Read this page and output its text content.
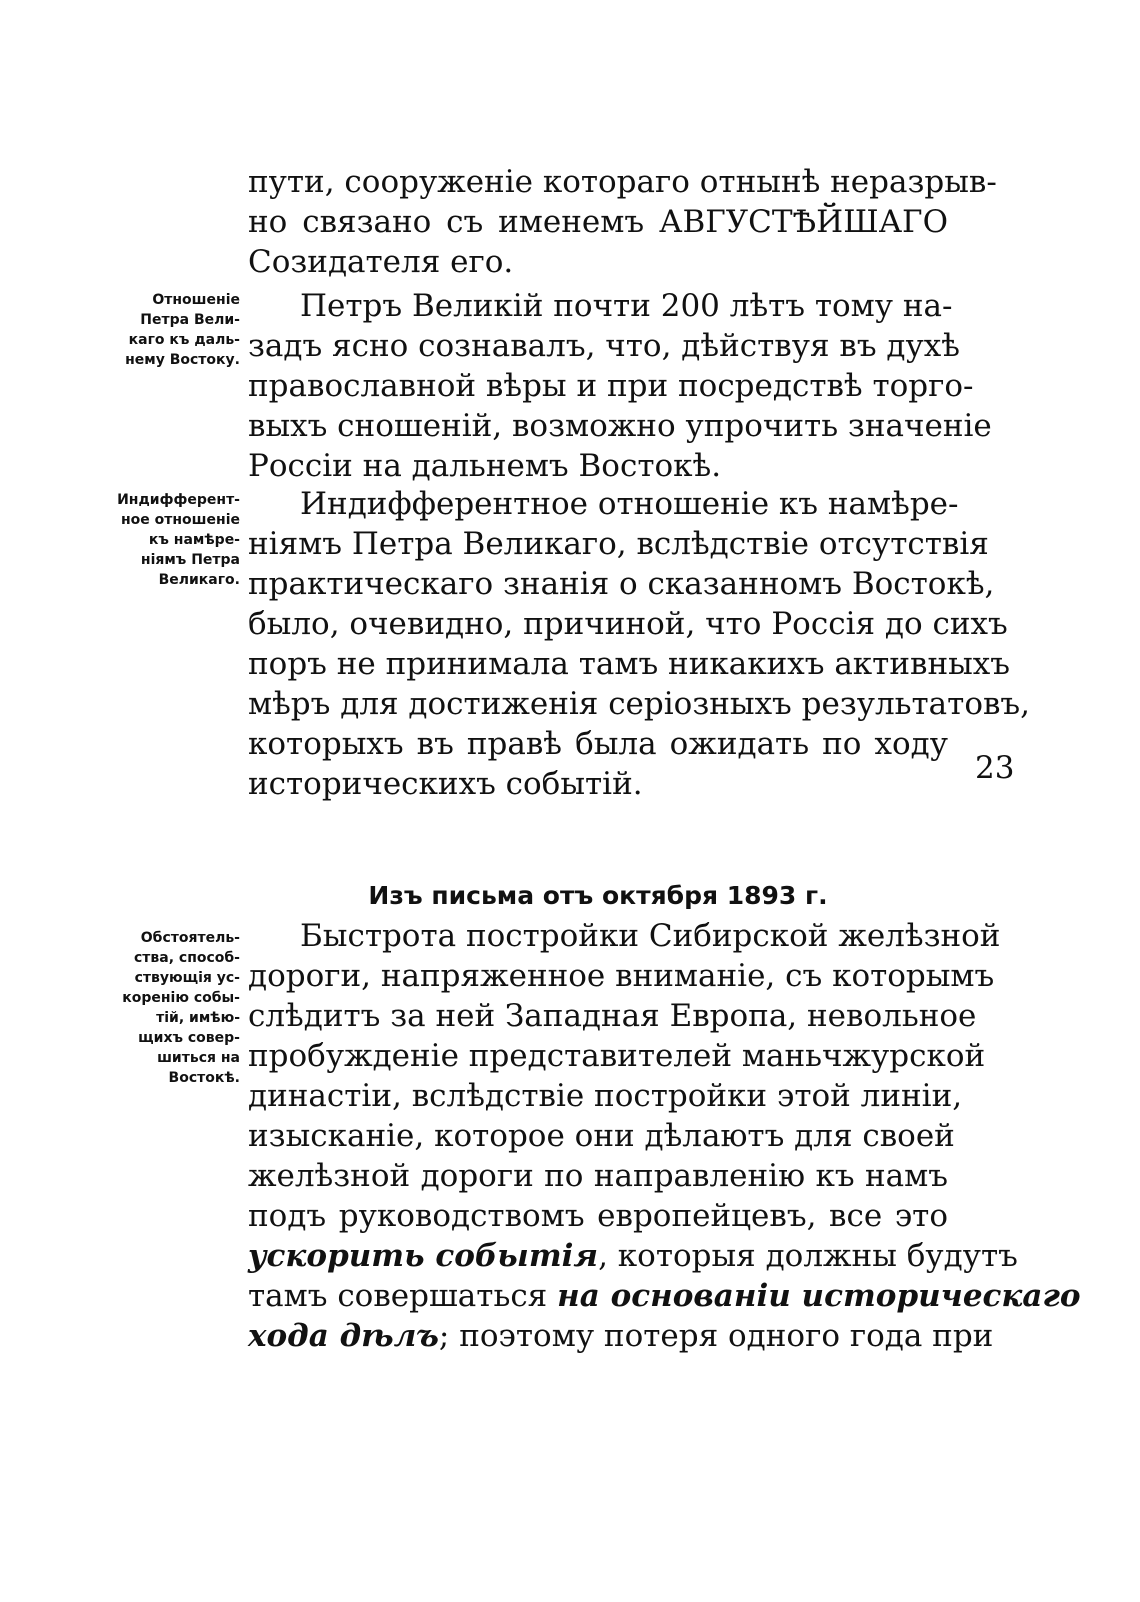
пути, сооруженіе котораго отнынѣ неразрыв-
но связано съ именемъ АВГУСТѢЙШАГО
Созидателя его.
Отношеніе
Петра Вели-
каго къ даль-
нему Востоку.
Петръ Великій почти 200 лѣтъ тому на-
задъ ясно сознавалъ, что, дѣйствуя въ духѣ
православной вѣры и при посредствѣ торго-
выхъ сношеній, возможно упрочить значеніе
Россіи на дальнемъ Востокѣ.
Индифферент-
ное отношеніе
къ намѣре-
ніямъ Петра
Великаго.
Индифферентное отношеніе къ намѣре-
ніямъ Петра Великаго, вслѣдствіе отсутствія
практическаго знанія о сказанномъ Востокѣ,
было, очевидно, причиной, что Россія до сихъ
поръ не принимала тамъ никакихъ активныхъ
мѣръ для достиженія серіозныхъ результатовъ,
которыхъ въ правѣ была ожидать по ходу
историческихъ событій.	23
Изъ письма отъ октября 1893 г.
Обстоятель-
ства, способ-
ствующія ус-
коренію собы-
тій, имѣю-
щихъ совер-
шиться на
Востокѣ.
Быстрота постройки Сибирской желѣзной
дороги, напряженное вниманіе, съ которымъ
слѣдитъ за ней Западная Европа, невольное
пробужденіе представителей маньчжурской
династіи, вслѣдствіе постройки этой линіи,
изысканіе, которое они дѣлаютъ для своей
желѣзной дороги по направленію къ намъ
подъ руководствомъ европейцевъ, все это
ускорить событія, которыя должны будутъ
тамъ совершаться на основаніи историческаго
хода дѣлъ; поэтому потеря одного года при
